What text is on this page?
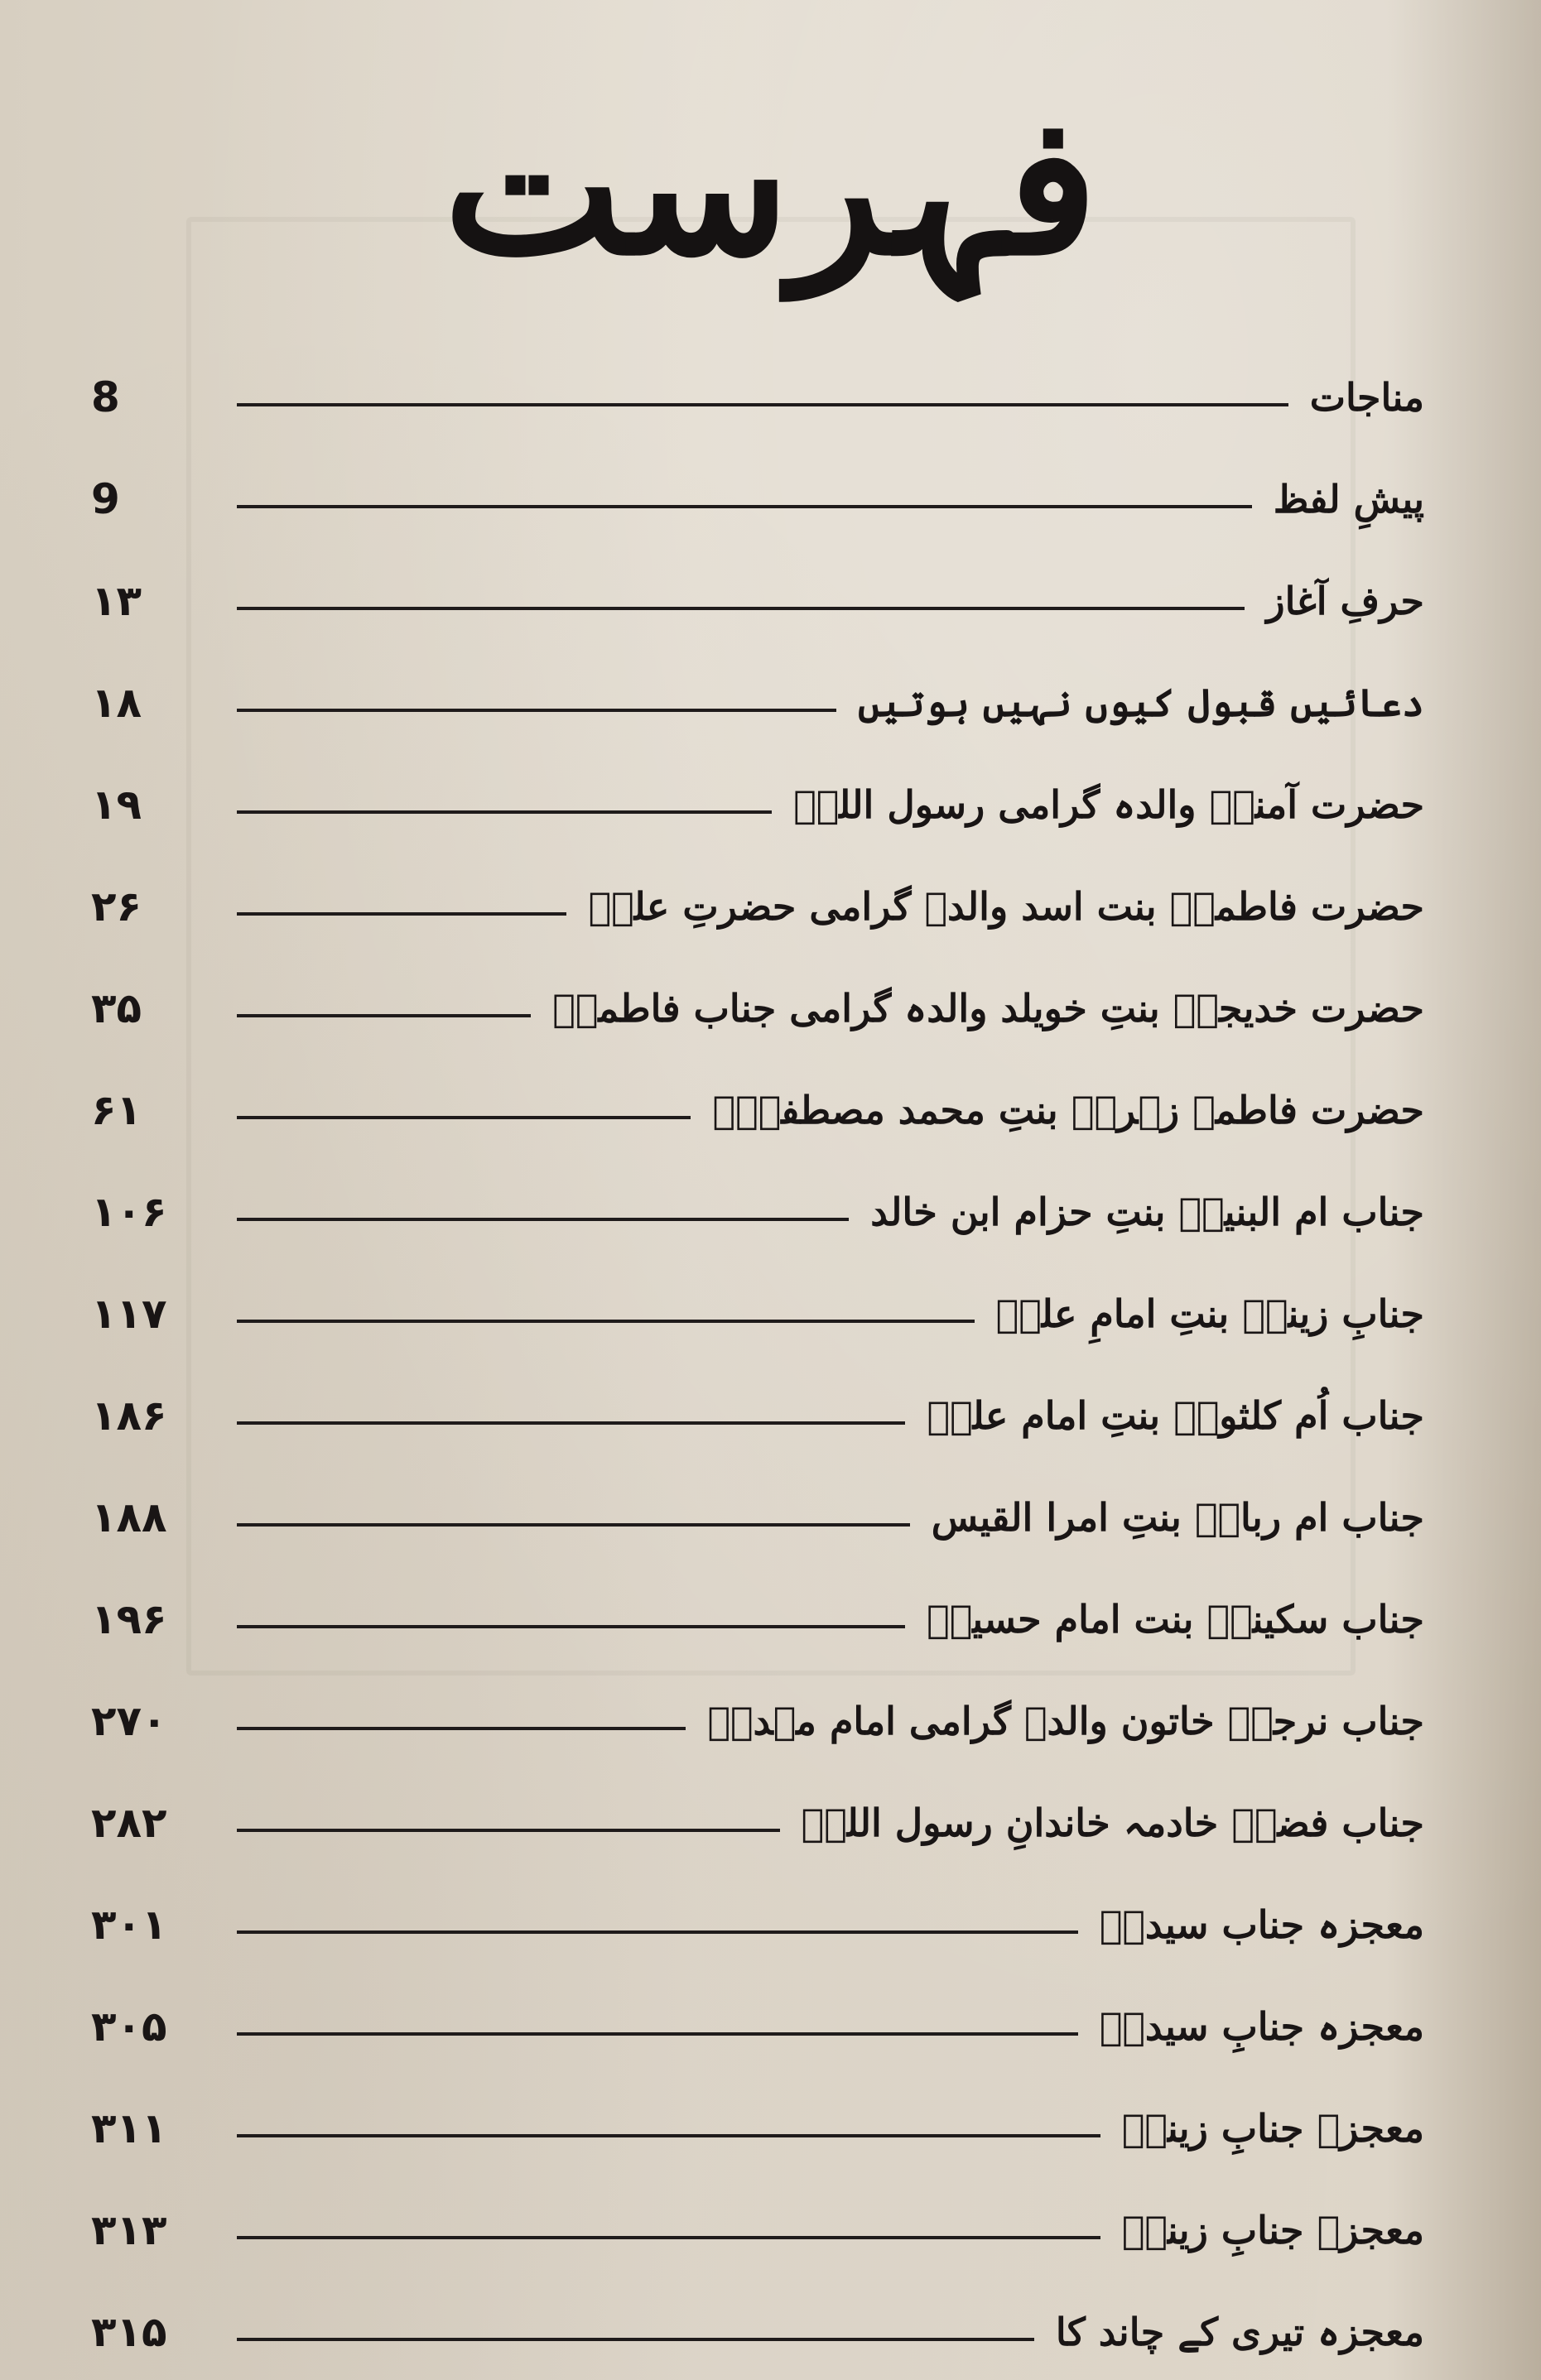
فہرست
مناجات
8
پیشِ لفظ
9
حرفِ آغاز
۱۳
دعائیں قبول کیوں نہیں ہوتیں
۱۸
حضرت آمنہؑ والدہ گرامی رسول اللہؐ
۱۹
حضرت فاطمہؑ بنت اسد والدہ گرامی حضرتِ علیؑ
۲۶
حضرت خدیجہؑ بنتِ خویلد والدہ گرامی جناب فاطمہؑ
۳۵
حضرت فاطمہ زہراؑ بنتِ محمد مصطفیٰؐ
۶۱
جناب ام البنینؑ بنتِ حزام ابن خالد
۱۰۶
جنابِ زینبؑ بنتِ امامِ علیؑ
۱۱۷
جناب اُم کلثومؑ بنتِ امام علیؑ
۱۸۶
جناب ام ربابؑ بنتِ امرا القیس
۱۸۸
جناب سکینہؑ بنت امام حسینؑ
۱۹۶
جناب نرجسؑ خاتون والدہ گرامی امام مہدیؑ
۲۷۰
جناب فضہؑ خادمہ خاندانِ رسول اللہؐ
۲۸۲
معجزہ جناب سیدہؑ
۳۰۱
معجزہ جنابِ سیدہؑ
۳۰۵
معجزہ جنابِ زینبؑ
۳۱۱
معجزہ جنابِ زینبؑ
۳۱۳
معجزہ تیری کے چاند کا
۳۱۵
